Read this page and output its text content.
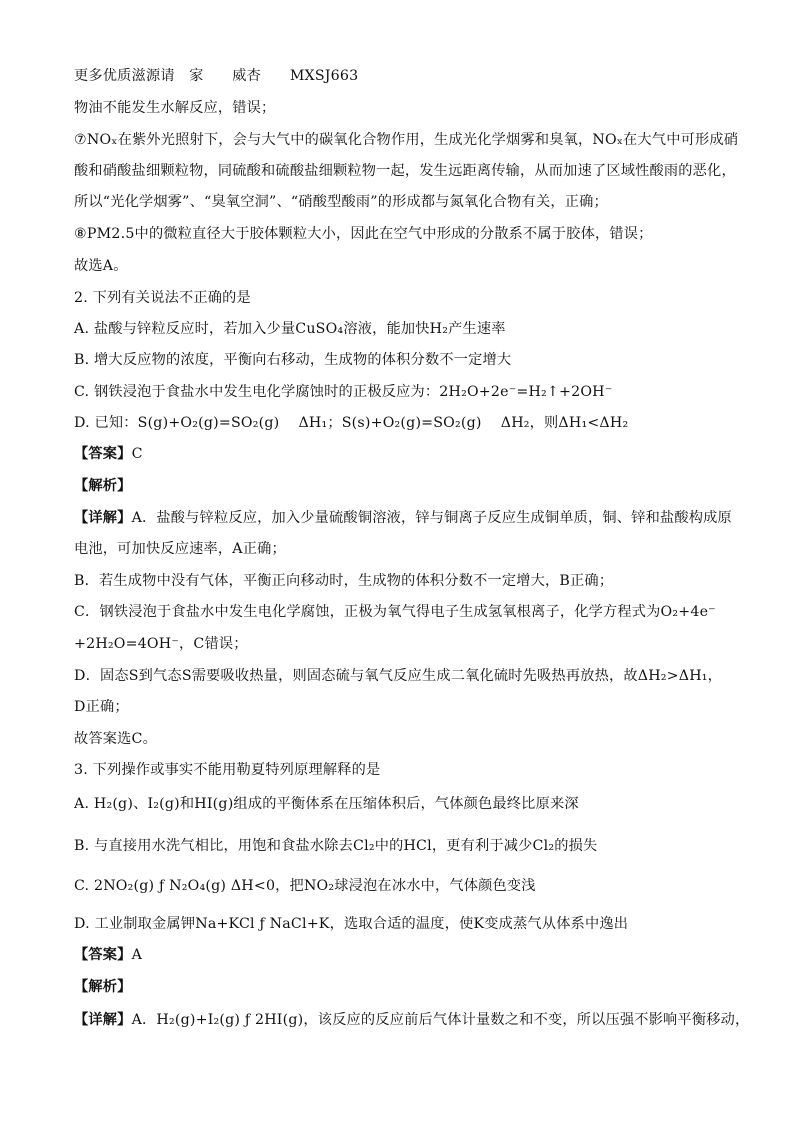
更多优质滋源请　家　　威杏　　MXSJ663
物油不能发生水解反应，错误；
⑦NOₓ在紫外光照射下，会与大气中的碳氧化合物作用，生成光化学烟雾和臭氧，NOₓ在大气中可形成硝
酸和硝酸盐细颗粒物，同硫酸和硫酸盐细颗粒物一起，发生远距离传输，从而加速了区域性酸雨的恶化，
所以“光化学烟雾”、“臭氧空洞”、“硝酸型酸雨”的形成都与氮氧化合物有关，正确；
⑧PM2.5中的微粒直径大于胶体颗粒大小，因此在空气中形成的分散系不属于胶体，错误；
故选A。
2. 下列有关说法不正确的是
A. 盐酸与锌粒反应时，若加入少量CuSO₄溶液，能加快H₂产生速率
B. 增大反应物的浓度，平衡向右移动，生成物的体积分数不一定增大
C. 钢铁浸泡于食盐水中发生电化学腐蚀时的正极反应为：2H₂O+2e⁻=H₂↑+2OH⁻
D. 已知：S(g)+O₂(g)=SO₂(g)　 ΔH₁；S(s)+O₂(g)=SO₂(g)　 ΔH₂，则ΔH₁<ΔH₂
【答案】C
【解析】
【详解】A．盐酸与锌粒反应，加入少量硫酸铜溶液，锌与铜离子反应生成铜单质，铜、锌和盐酸构成原
电池，可加快反应速率，A正确；
B．若生成物中没有气体，平衡正向移动时，生成物的体积分数不一定增大，B正确；
C．钢铁浸泡于食盐水中发生电化学腐蚀，正极为氧气得电子生成氢氧根离子，化学方程式为O₂+4e⁻
+2H₂O=4OH⁻，C错误；
D．固态S到气态S需要吸收热量，则固态硫与氧气反应生成二氧化硫时先吸热再放热，故ΔH₂>ΔH₁，
D正确；
故答案选C。
3. 下列操作或事实不能用勒夏特列原理解释的是
A. H₂(g)、I₂(g)和HI(g)组成的平衡体系在压缩体积后，气体颜色最终比原来深
B. 与直接用水洗气相比，用饱和食盐水除去Cl₂中的HCl，更有利于减少Cl₂的损失
C. 2NO₂(g) ƒ N₂O₄(g) ΔH<0，把NO₂球浸泡在冰水中，气体颜色变浅
D. 工业制取金属钾Na+KCl ƒ NaCl+K，选取合适的温度，使K变成蒸气从体系中逸出
【答案】A
【解析】
【详解】A．H₂(g)+I₂(g) ƒ 2HI(g)，该反应的反应前后气体计量数之和不变，所以压强不影响平衡移动，
